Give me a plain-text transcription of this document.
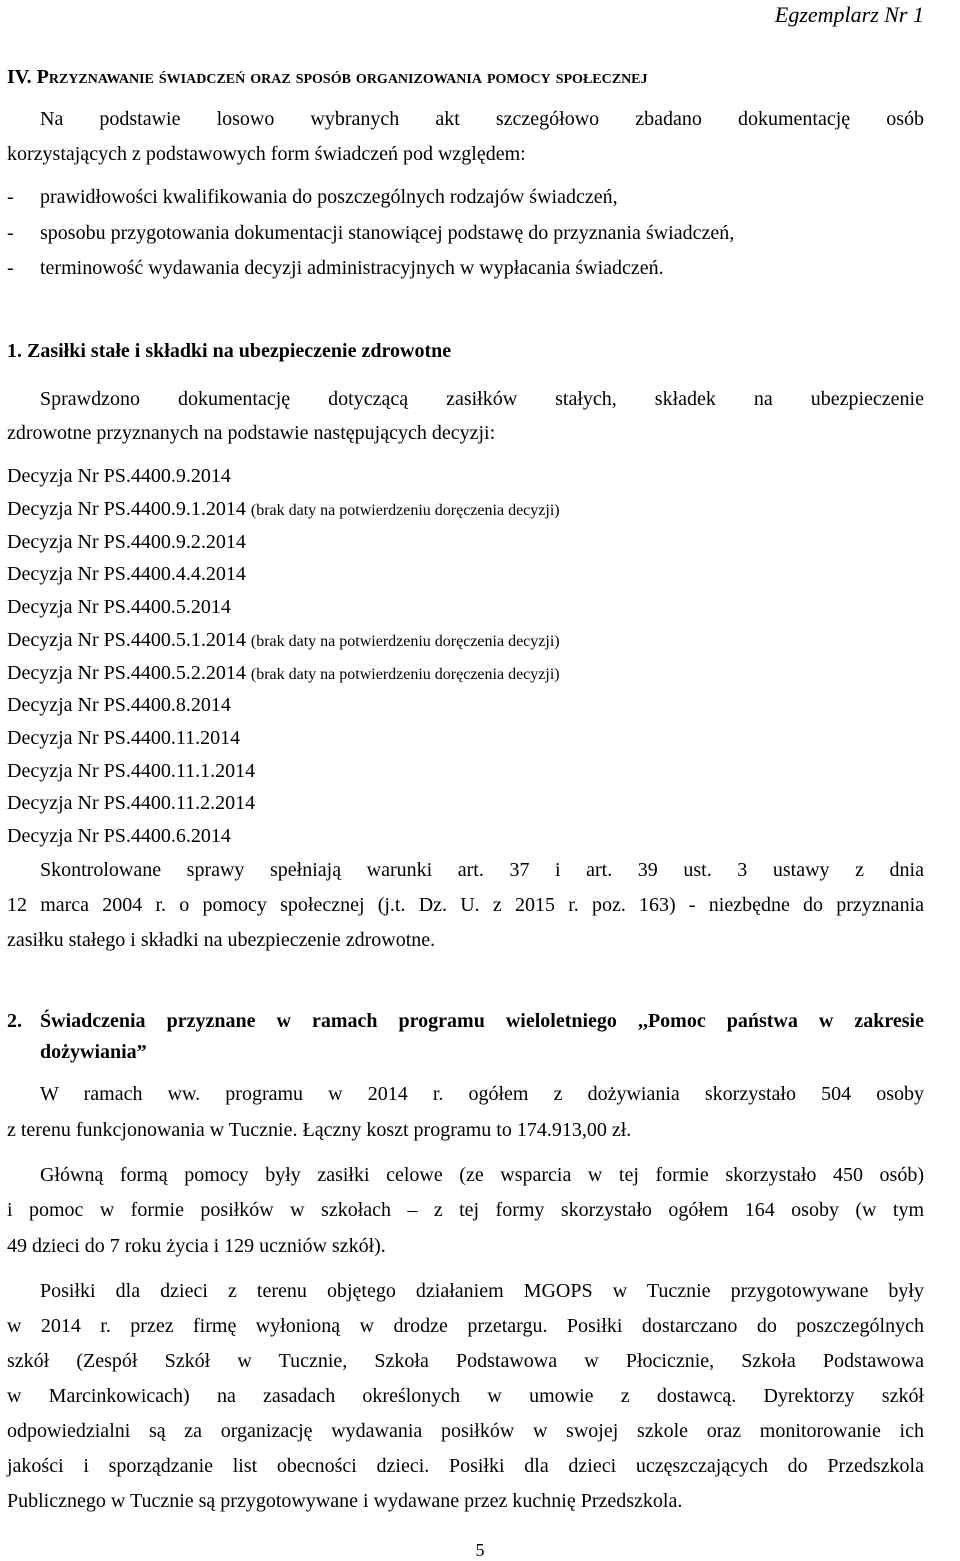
Egzemplarz Nr 1
IV. Przyznawanie świadczeń oraz sposób organizowania pomocy społecznej
Na podstawie losowo wybranych akt szczegółowo zbadano dokumentację osób
korzystających z podstawowych form świadczeń pod względem:
- prawidłowości kwalifikowania do poszczególnych rodzajów świadczeń,
- sposobu przygotowania dokumentacji stanowiącej podstawę do przyznania świadczeń,
- terminowość wydawania decyzji administracyjnych w wypłacania świadczeń.
1. Zasiłki stałe i składki na ubezpieczenie zdrowotne
Sprawdzono dokumentację dotyczącą zasiłków stałych, składek na ubezpieczenie
zdrowotne przyznanych na podstawie następujących decyzji:
Decyzja Nr PS.4400.9.2014
Decyzja Nr PS.4400.9.1.2014 (brak daty na potwierdzeniu doręczenia decyzji)
Decyzja Nr PS.4400.9.2.2014
Decyzja Nr PS.4400.4.4.2014
Decyzja Nr PS.4400.5.2014
Decyzja Nr PS.4400.5.1.2014 (brak daty na potwierdzeniu doręczenia decyzji)
Decyzja Nr PS.4400.5.2.2014 (brak daty na potwierdzeniu doręczenia decyzji)
Decyzja Nr PS.4400.8.2014
Decyzja Nr PS.4400.11.2014
Decyzja Nr PS.4400.11.1.2014
Decyzja Nr PS.4400.11.2.2014
Decyzja Nr PS.4400.6.2014
Skontrolowane sprawy spełniają warunki art. 37 i art. 39 ust. 3 ustawy z dnia
12 marca 2004 r. o pomocy społecznej (j.t. Dz. U. z 2015 r. poz. 163) - niezbędne do przyznania
zasiłku stałego i składki na ubezpieczenie zdrowotne.
2. Świadczenia przyznane w ramach programu wieloletniego ,,Pomoc państwa w zakresie
dożywiania”
W ramach ww. programu w 2014 r. ogółem z dożywiania skorzystało 504 osoby
z terenu funkcjonowania w Tucznie. Łączny koszt programu to 174.913,00 zł.
Główną formą pomocy były zasiłki celowe (ze wsparcia w tej formie skorzystało 450 osób)
i pomoc w formie posiłków w szkołach – z tej formy skorzystało ogółem 164 osoby (w tym
49 dzieci do 7 roku życia i 129 uczniów szkół).
Posiłki dla dzieci z terenu objętego działaniem MGOPS w Tucznie przygotowywane były
w 2014 r. przez firmę wyłonioną w drodze przetargu. Posiłki dostarczano do poszczególnych
szkół (Zespół Szkół w Tucznie, Szkoła Podstawowa w Płocicznie, Szkoła Podstawowa
w Marcinkowicach) na zasadach określonych w umowie z dostawcą. Dyrektorzy szkół
odpowiedzialni są za organizację wydawania posiłków w swojej szkole oraz monitorowanie ich
jakości i sporządzanie list obecności dzieci. Posiłki dla dzieci uczęszczających do Przedszkola
Publicznego w Tucznie są przygotowywane i wydawane przez kuchnię Przedszkola.
5
